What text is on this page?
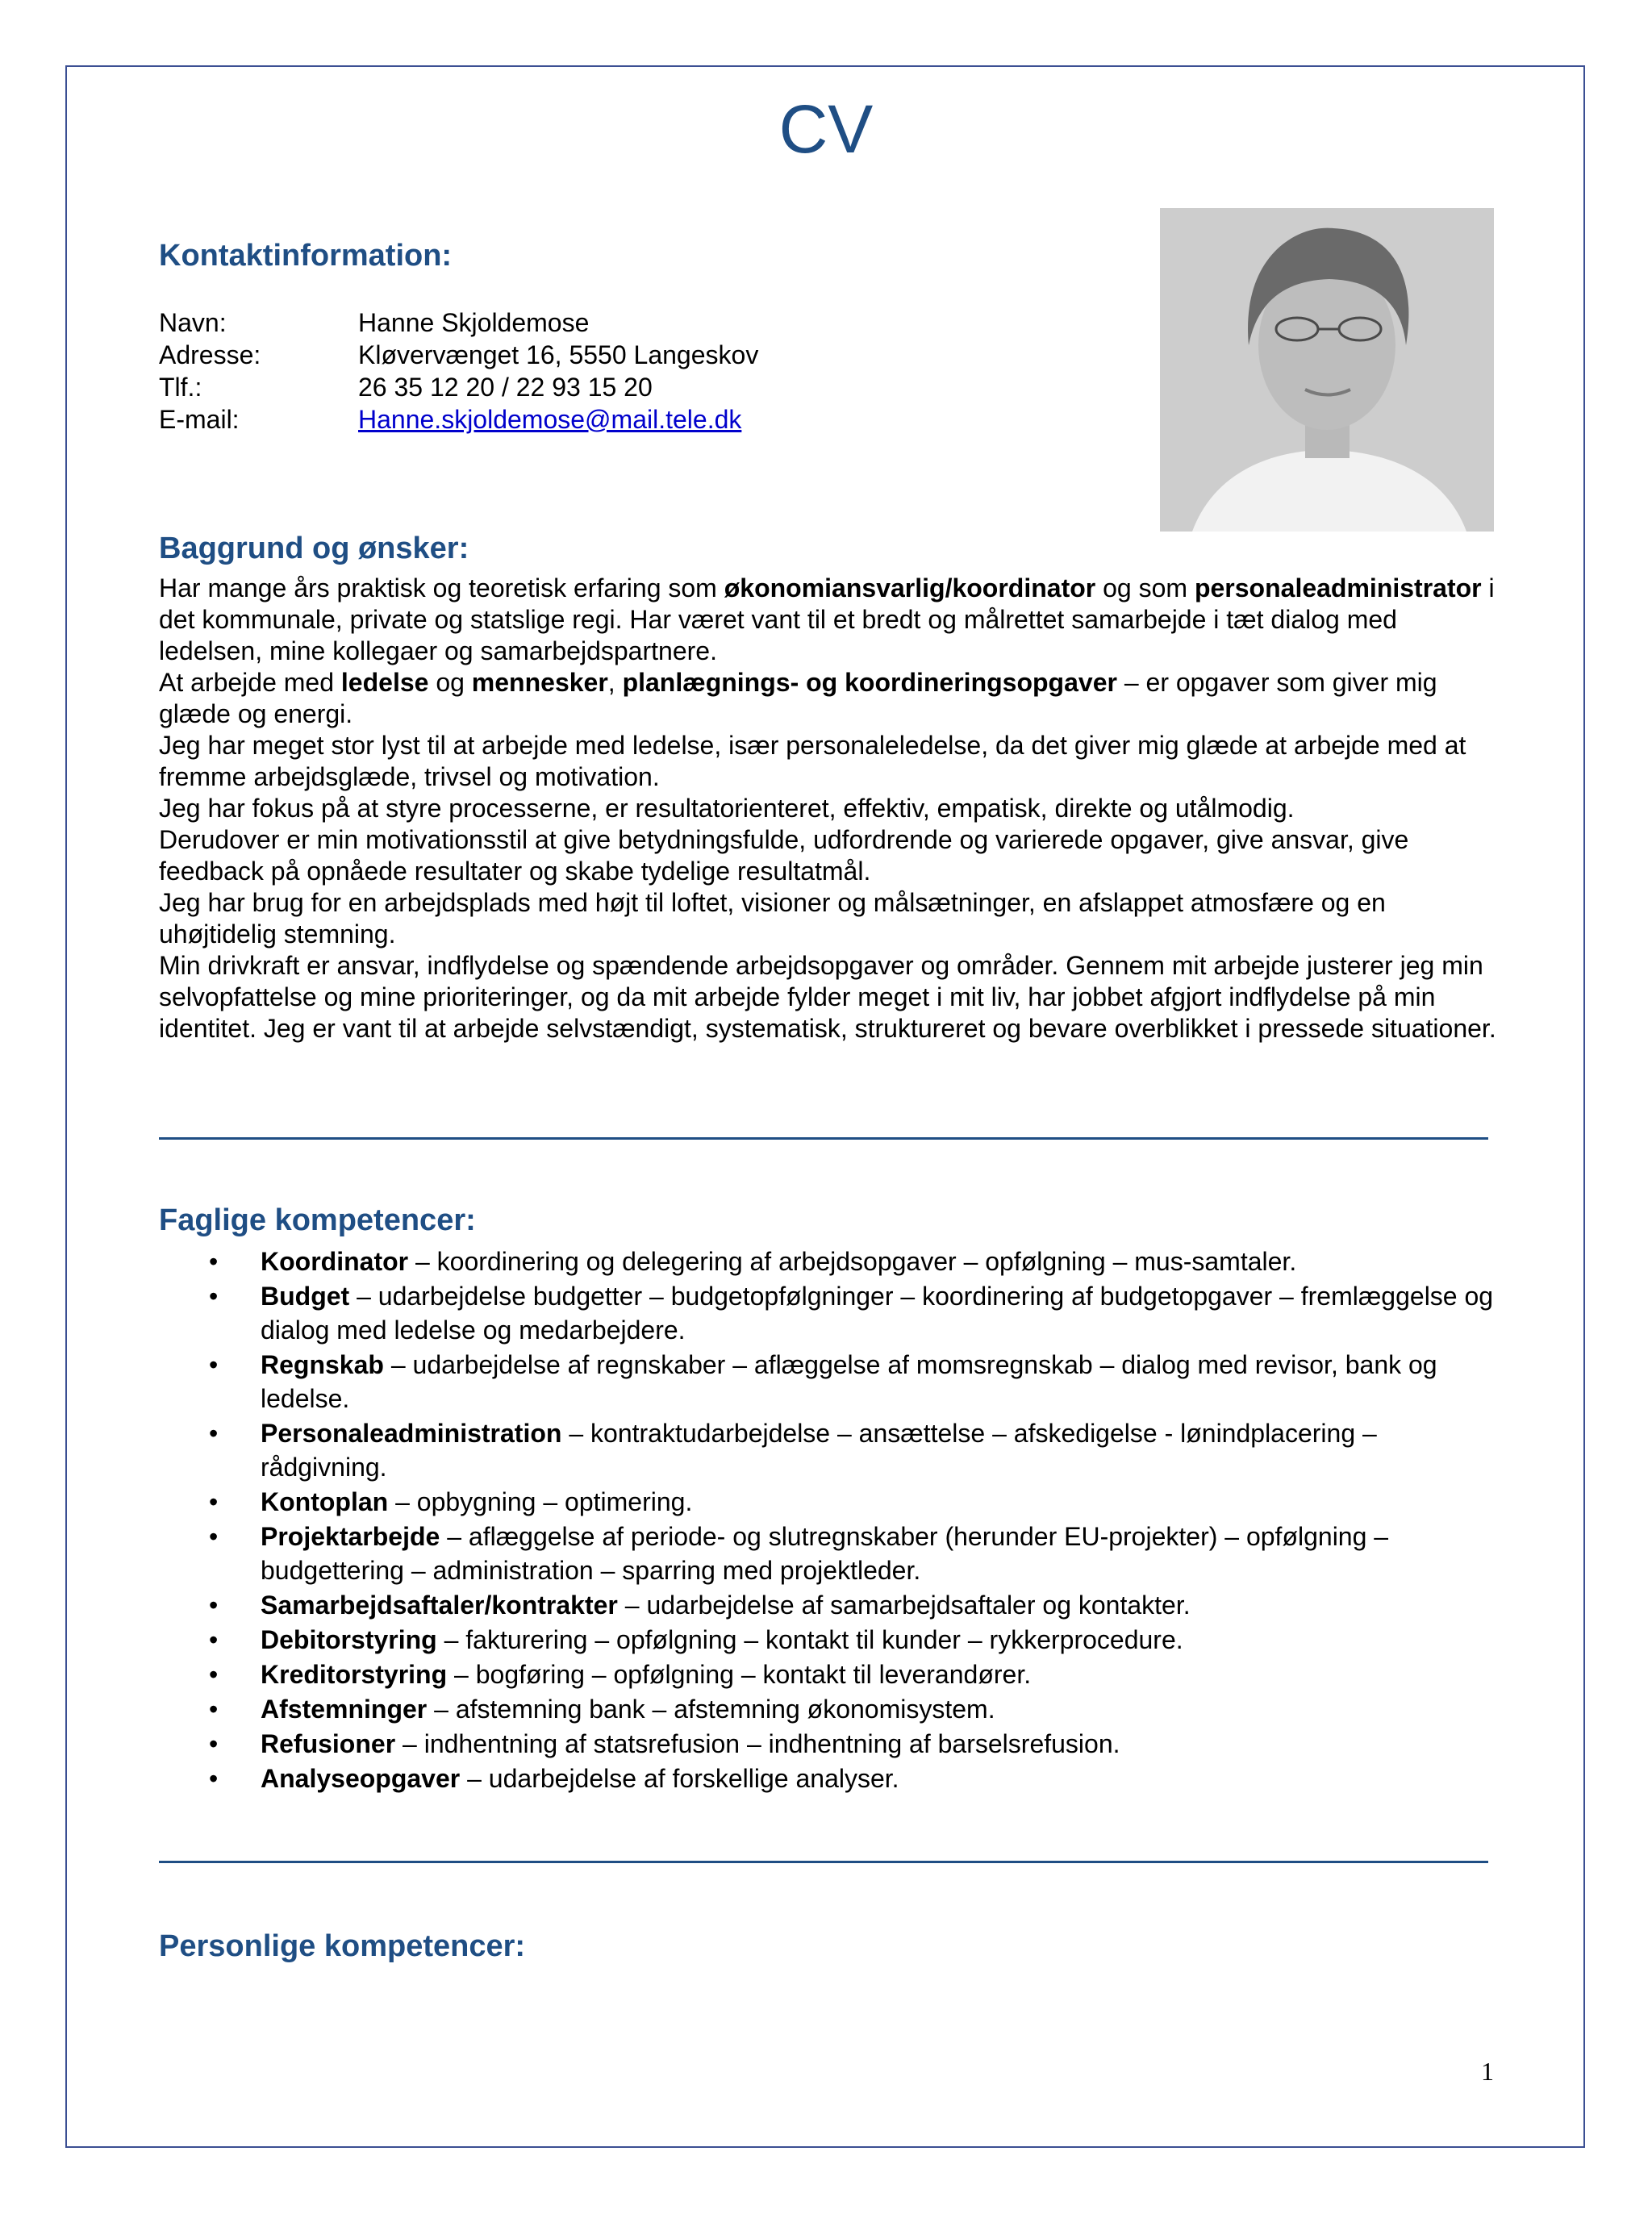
CV
Kontaktinformation:
Navn:	Hanne Skjoldemose
Adresse:	Kløvervænget 16, 5550 Langeskov
Tlf.:	26 35 12 20 / 22 93 15 20
E-mail:	Hanne.skjoldemose@mail.tele.dk
Baggrund og ønsker:

Har mange års praktisk og teoretisk erfaring som økonomiansvarlig/koordinator og som personaleadministrator i det kommunale, private og statslige regi. Har været vant til et bredt og målrettet samarbejde i tæt dialog med ledelsen, mine kollegaer og samarbejdspartnere.

At arbejde med ledelse og mennesker, planlægnings- og koordineringsopgaver – er opgaver som giver mig glæde og energi.

Jeg har meget stor lyst til at arbejde med ledelse, især personaleledelse, da det giver mig glæde at arbejde med at fremme arbejdsglæde, trivsel og motivation.

Jeg har fokus på at styre processerne, er resultatorienteret, effektiv, empatisk, direkte og utålmodig.

Derudover er min motivationsstil at give betydningsfulde, udfordrende og varierede opgaver, give ansvar, give feedback på opnåede resultater og skabe tydelige resultatmål.

Jeg har brug for en arbejdsplads med højt til loftet, visioner og målsætninger, en afslappet atmosfære og en uhøjtidelig stemning.

Min drivkraft er ansvar, indflydelse og spændende arbejdsopgaver og områder. Gennem mit arbejde justerer jeg min selvopfattelse og mine prioriteringer, og da mit arbejde fylder meget i mit liv, har jobbet afgjort indflydelse på min identitet. Jeg er vant til at arbejde selvstændigt, systematisk, struktureret og bevare overblikket i pressede situationer.

Faglige kompetencer:
• Koordinator – koordinering og delegering af arbejdsopgaver – opfølgning – mus-samtaler.
• Budget – udarbejdelse budgetter – budgetopfølgninger – koordinering af budgetopgaver – fremlæggelse og dialog med ledelse og medarbejdere.
• Regnskab – udarbejdelse af regnskaber – aflæggelse af momsregnskab – dialog med revisor, bank og ledelse.
• Personaleadministration – kontraktudarbejdelse – ansættelse – afskedigelse - lønindplacering – rådgivning.
• Kontoplan – opbygning – optimering.
• Projektarbejde – aflæggelse af periode- og slutregnskaber (herunder EU-projekter) – opfølgning – budgettering – administration – sparring med projektleder.
• Samarbejdsaftaler/kontrakter – udarbejdelse af samarbejdsaftaler og kontakter.
• Debitorstyring – fakturering – opfølgning – kontakt til kunder – rykkerprocedure.
• Kreditorstyring – bogføring – opfølgning – kontakt til leverandører.
• Afstemninger – afstemning bank – afstemning økonomisystem.
• Refusioner – indhentning af statsrefusion – indhentning af barselsrefusion.
• Analyseopgaver – udarbejdelse af forskellige analyser.
Personlige kompetencer:
1
